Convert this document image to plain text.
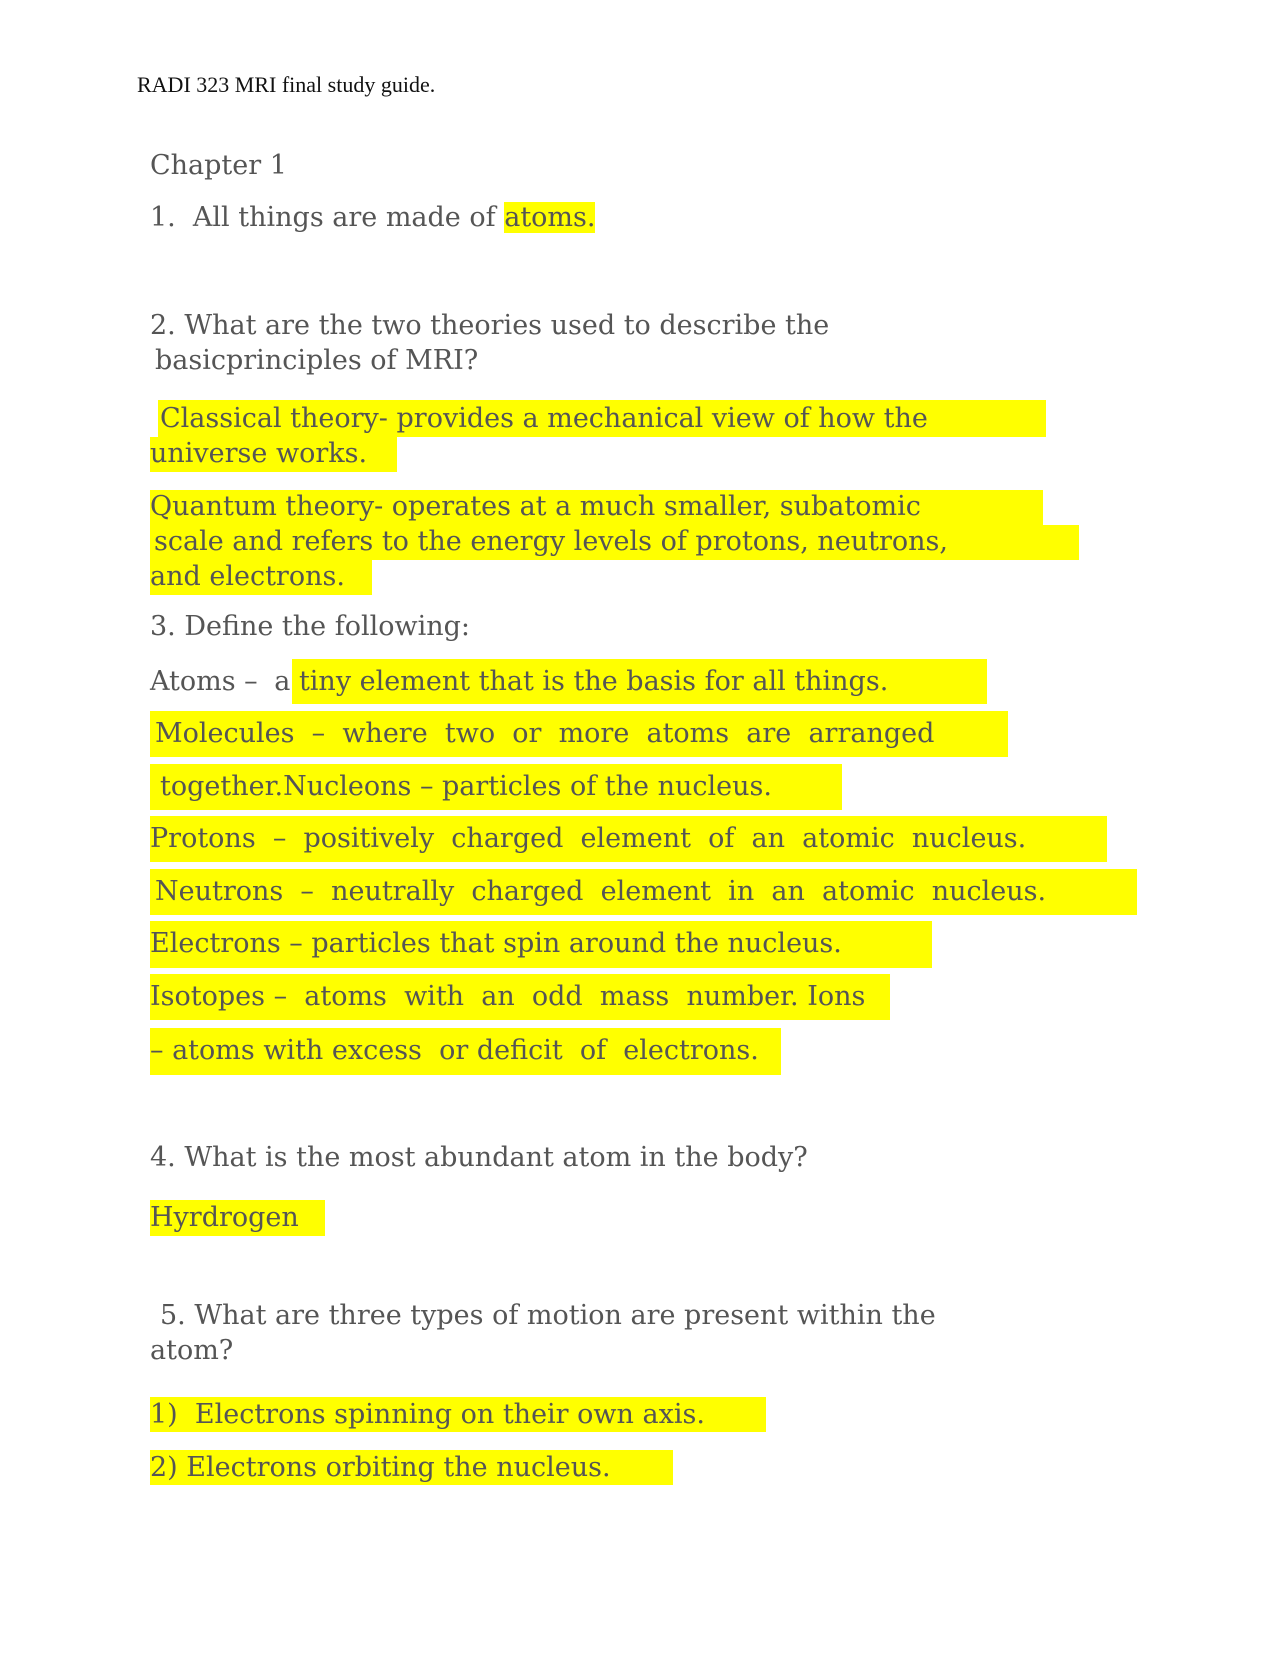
RADI 323 MRI final study guide.
Chapter 1
1.  All things are made of atoms.
2. What are the two theories used to describe the
basicprinciples of MRI?
Classical theory- provides a mechanical view of how the
universe works.
Quantum theory- operates at a much smaller, subatomic
scale and refers to the energy levels of protons, neutrons,
and electrons.
3. Define the following:
Atoms – a tiny element that is the basis for all things.
Molecules  –  where  two  or  more  atoms  are  arranged
together.Nucleons – particles of the nucleus.
Protons  –  positively  charged  element  of  an  atomic  nucleus.
Neutrons  –  neutrally  charged  element  in  an  atomic  nucleus.
Electrons – particles that spin around the nucleus.
Isotopes –  atoms  with  an  odd  mass  number. Ions
– atoms with excess  or deficit  of  electrons.
4. What is the most abundant atom in the body?
Hyrdrogen
5. What are three types of motion are present within the
atom?
1)  Electrons spinning on their own axis.
2) Electrons orbiting the nucleus.
